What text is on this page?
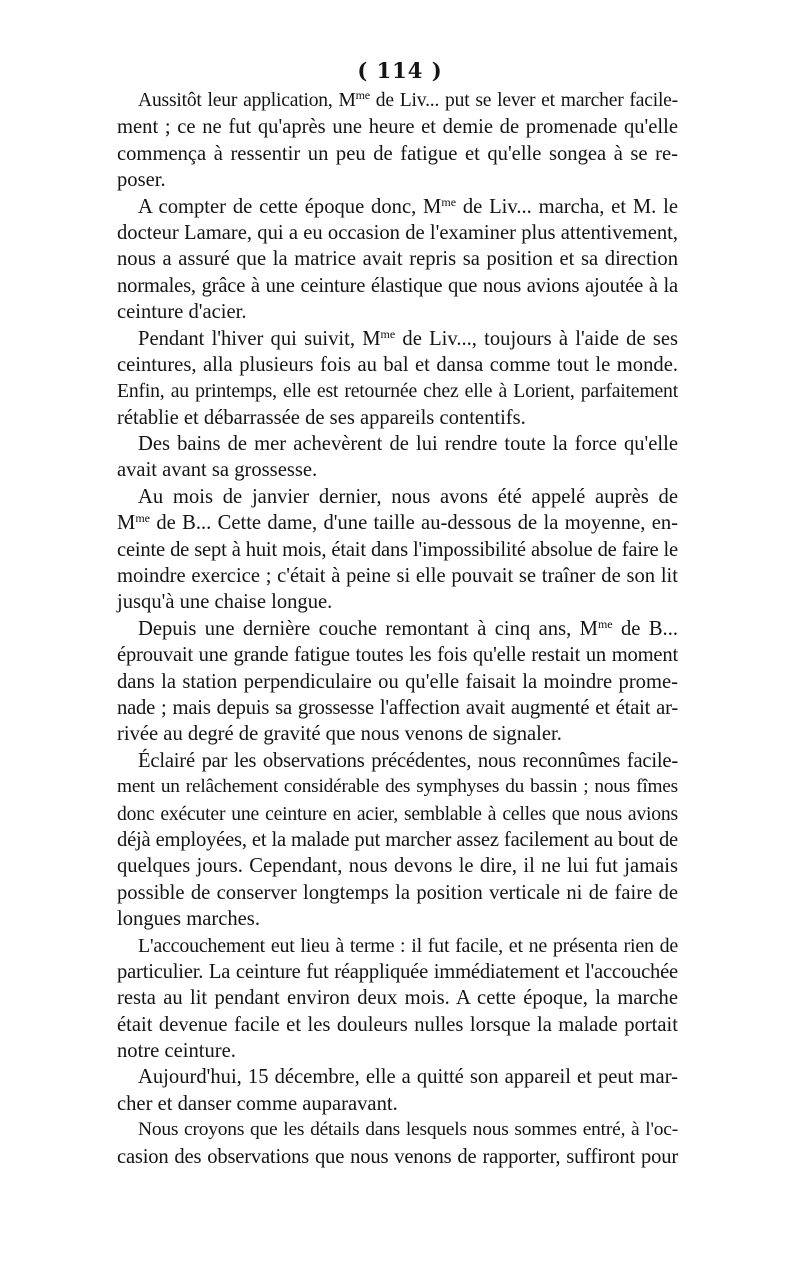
( 114 )
Aussitôt leur application, $M^{me}$ de Liv... put se lever et marcher facile-
ment ; ce ne fut qu'après une heure et demie de promenade qu'elle
commença à ressentir un peu de fatigue et qu'elle songea à se re-
poser.
A compter de cette époque donc, $M^{me}$ de Liv... marcha, et M. le
docteur Lamare, qui a eu occasion de l'examiner plus attentivement,
nous a assuré que la matrice avait repris sa position et sa direction
normales, grâce à une ceinture élastique que nous avions ajoutée à la
ceinture d'acier.
Pendant l'hiver qui suivit, $M^{me}$ de Liv..., toujours à l'aide de ses
ceintures, alla plusieurs fois au bal et dansa comme tout le monde.
Enfin, au printemps, elle est retournée chez elle à Lorient, parfaitement
rétablie et débarrassée de ses appareils contentifs.
Des bains de mer achevèrent de lui rendre toute la force qu'elle
avait avant sa grossesse.
Au mois de janvier dernier, nous avons été appelé auprès de
$M^{me}$ de B... Cette dame, d'une taille au-dessous de la moyenne, en-
ceinte de sept à huit mois, était dans l'impossibilité absolue de faire le
moindre exercice ; c'était à peine si elle pouvait se traîner de son lit
jusqu'à une chaise longue.
Depuis une dernière couche remontant à cinq ans, $M^{me}$ de B...
éprouvait une grande fatigue toutes les fois qu'elle restait un moment
dans la station perpendiculaire ou qu'elle faisait la moindre prome-
nade ; mais depuis sa grossesse l'affection avait augmenté et était ar-
rivée au degré de gravité que nous venons de signaler.
Éclairé par les observations précédentes, nous reconnûmes facile-
ment un relâchement considérable des symphyses du bassin ; nous fîmes
donc exécuter une ceinture en acier, semblable à celles que nous avions
déjà employées, et la malade put marcher assez facilement au bout de
quelques jours. Cependant, nous devons le dire, il ne lui fut jamais
possible de conserver longtemps la position verticale ni de faire de
longues marches.
L'accouchement eut lieu à terme : il fut facile, et ne présenta rien de
particulier. La ceinture fut réappliquée immédiatement et l'accouchée
resta au lit pendant environ deux mois. A cette époque, la marche
était devenue facile et les douleurs nulles lorsque la malade portait
notre ceinture.
Aujourd'hui, 15 décembre, elle a quitté son appareil et peut mar-
cher et danser comme auparavant.
Nous croyons que les détails dans lesquels nous sommes entré, à l'oc-
casion des observations que nous venons de rapporter, suffiront pour
